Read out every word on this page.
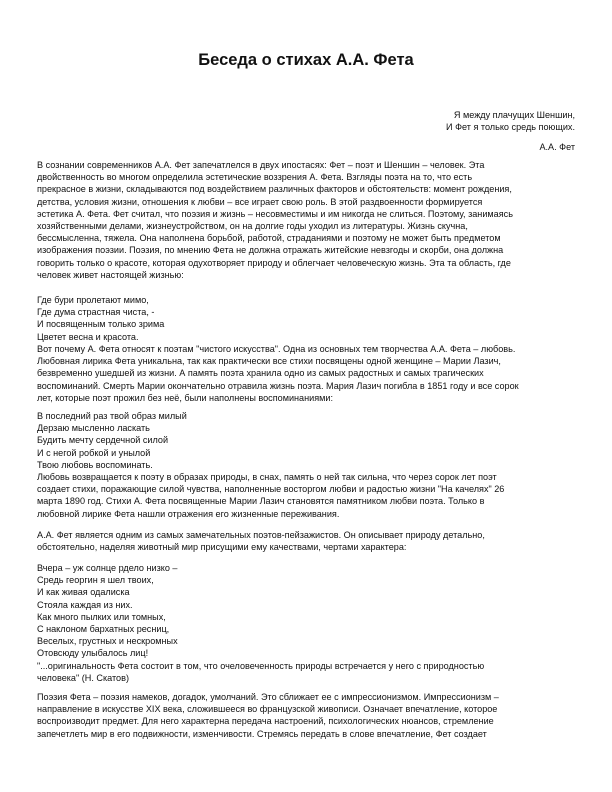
Беседа о стихах А.А. Фета
Я между плачущих Шеншин,
И Фет я только средь поющих.
А.А. Фет
В сознании современников А.А. Фет запечатлелся в двух ипостасях: Фет – поэт и Шеншин – человек. Эта
двойственность во многом определила эстетические воззрения А. Фета. Взгляды поэта на то, что есть
прекрасное в жизни, складываются под воздействием различных факторов и обстоятельств: момент рождения,
детства, условия жизни, отношения к любви – все играет свою роль. В этой раздвоенности формируется
эстетика А. Фета. Фет считал, что поэзия и жизнь – несовместимы и им никогда не слиться. Поэтому, занимаясь
хозяйственными делами, жизнеустройством, он на долгие годы уходил из литературы. Жизнь скучна,
бессмысленна, тяжела. Она наполнена борьбой, работой, страданиями и поэтому не может быть предметом
изображения поэзии. Поэзия, по мнению Фета не должна отражать житейские невзгоды и скорби, она должна
говорить только о красоте, которая одухотворяет природу и облегчает человеческую жизнь. Эта та область, где
человек живет настоящей жизнью:
Где бури пролетают мимо,
Где дума страстная чиста, -
И посвященным только зрима
Цветет весна и красота.
Вот почему А. Фета относят к поэтам "чистого искусства". Одна из основных тем творчества А.А. Фета – любовь.
Любовная лирика Фета уникальна, так как практически все стихи посвящены одной женщине – Марии Лазич,
безвременно ушедшей из жизни. А память поэта хранила одно из самых радостных и самых трагических
воспоминаний. Смерть Марии окончательно отравила жизнь поэта. Мария Лазич погибла в 1851 году и все сорок
лет, которые поэт прожил без неё, были наполнены воспоминаниями:
В последний раз твой образ милый
Дерзаю мысленно ласкать
Будить мечту сердечной силой
И с негой робкой и унылой
Твою любовь воспоминать.
Любовь возвращается к поэту в образах природы, в снах, память о ней так сильна, что через сорок лет поэт
создает стихи, поражающие силой чувства, наполненные восторгом любви и радостью жизни "На качелях" 26
марта 1890 год. Стихи А. Фета посвященные Марии Лазич становятся памятником любви поэта. Только в
любовной лирике Фета нашли отражения его жизненные переживания.
А.А. Фет является одним из самых замечательных поэтов-пейзажистов. Он описывает природу детально,
обстоятельно, наделяя животный мир присущими ему качествами, чертами характера:
Вчера – уж солнце рдело низко –
Средь георгин я шел твоих,
И как живая одалиска
Стояла каждая из них.
Как много пылких или томных,
С наклоном бархатных ресниц,
Веселых, грустных и нескромных
Отовсюду улыбалось лиц!
"...оригинальность Фета состоит в том, что очеловеченность природы встречается у него с природностью
человека" (Н. Скатов)
Поэзия Фета – поэзия намеков, догадок, умолчаний. Это сближает ее с импрессионизмом. Импрессионизм –
направление в искусстве XIX века, сложившееся во французской живописи. Означает впечатление, которое
воспроизводит предмет. Для него характерна передача настроений, психологических нюансов, стремление
запечетлеть мир в его подвижности, изменчивости. Стремясь передать в слове впечатление, Фет создает
